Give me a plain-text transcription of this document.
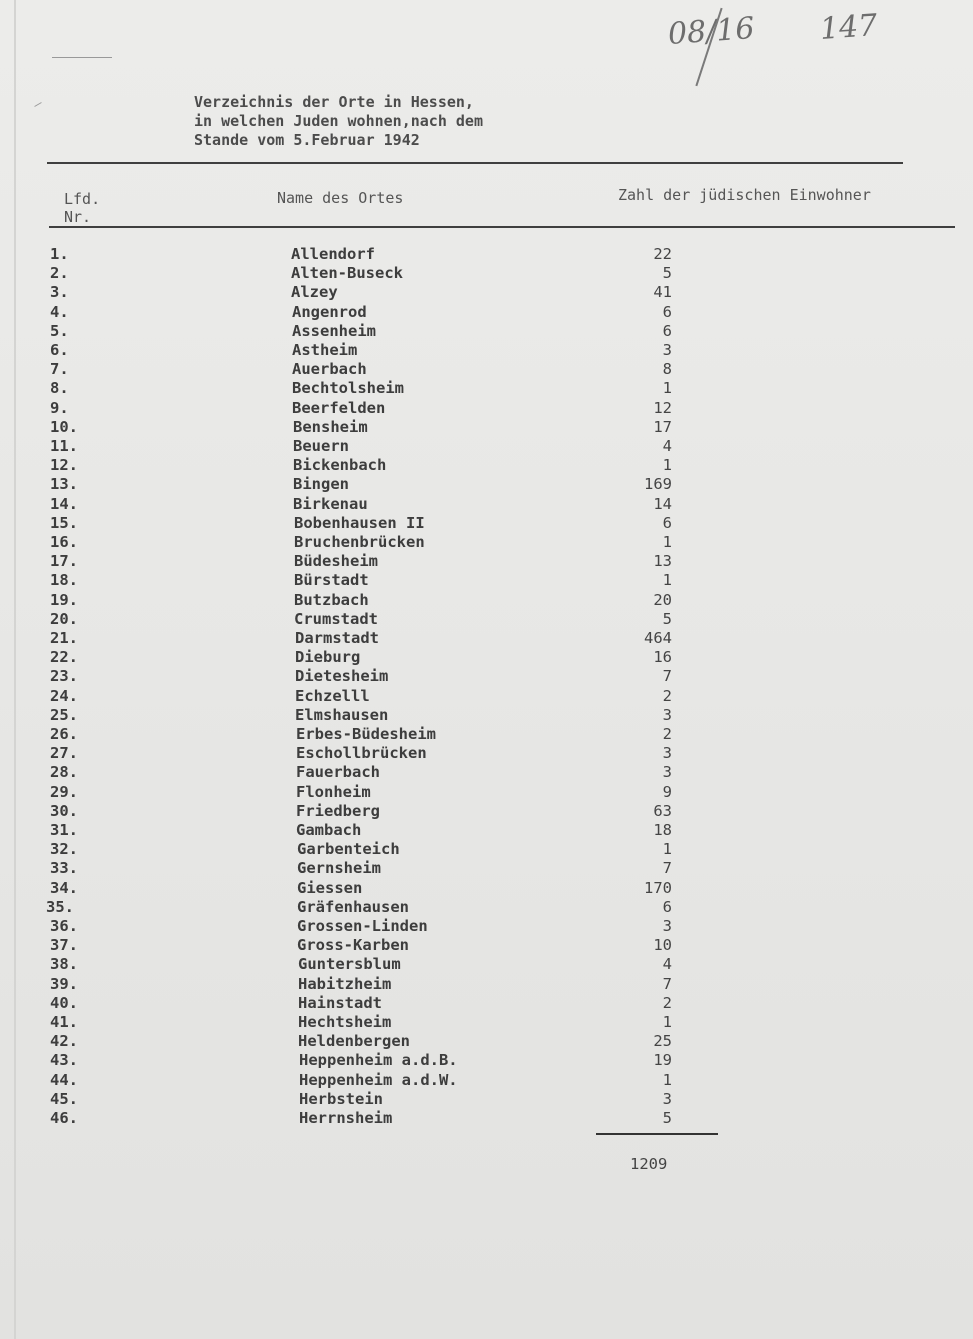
08/16 147
Verzeichnis der Orte in Hessen,
in welchen Juden wohnen,nach dem
Stande vom 5.Februar 1942
Lfd.
Nr.
Name des Ortes	Zahl der jüdischen Einwohner
1.	Allendorf	22
2.	Alten-Buseck	5
3.	Alzey	41
4.	Angenrod	6
5.	Assenheim	6
6.	Astheim	3
7.	Auerbach	8
8.	Bechtolsheim	1
9.	Beerfelden	12
10.	Bensheim	17
11.	Beuern	4
12.	Bickenbach	1
13.	Bingen	169
14.	Birkenau	14
15.	Bobenhausen II	6
16.	Bruchenbrücken	1
17.	Büdesheim	13
18.	Bürstadt	1
19.	Butzbach	20
20.	Crumstadt	5
21.	Darmstadt	464
22.	Dieburg	16
23.	Dietesheim	7
24.	Echzelll	2
25.	Elmshausen	3
26.	Erbes-Büdesheim	2
27.	Eschollbrücken	3
28.	Fauerbach	3
29.	Flonheim	9
30.	Friedberg	63
31.	Gambach	18
32.	Garbenteich	1
33.	Gernsheim	7
34.	Giessen	170
35.	Gräfenhausen	6
36.	Grossen-Linden	3
37.	Gross-Karben	10
38.	Guntersblum	4
39.	Habitzheim	7
40.	Hainstadt	2
41.	Hechtsheim	1
42.	Heldenbergen	25
43.	Heppenheim a.d.B.	19
44.	Heppenheim a.d.W.	1
45.	Herbstein	3
46.	Herrnsheim	5
1209
